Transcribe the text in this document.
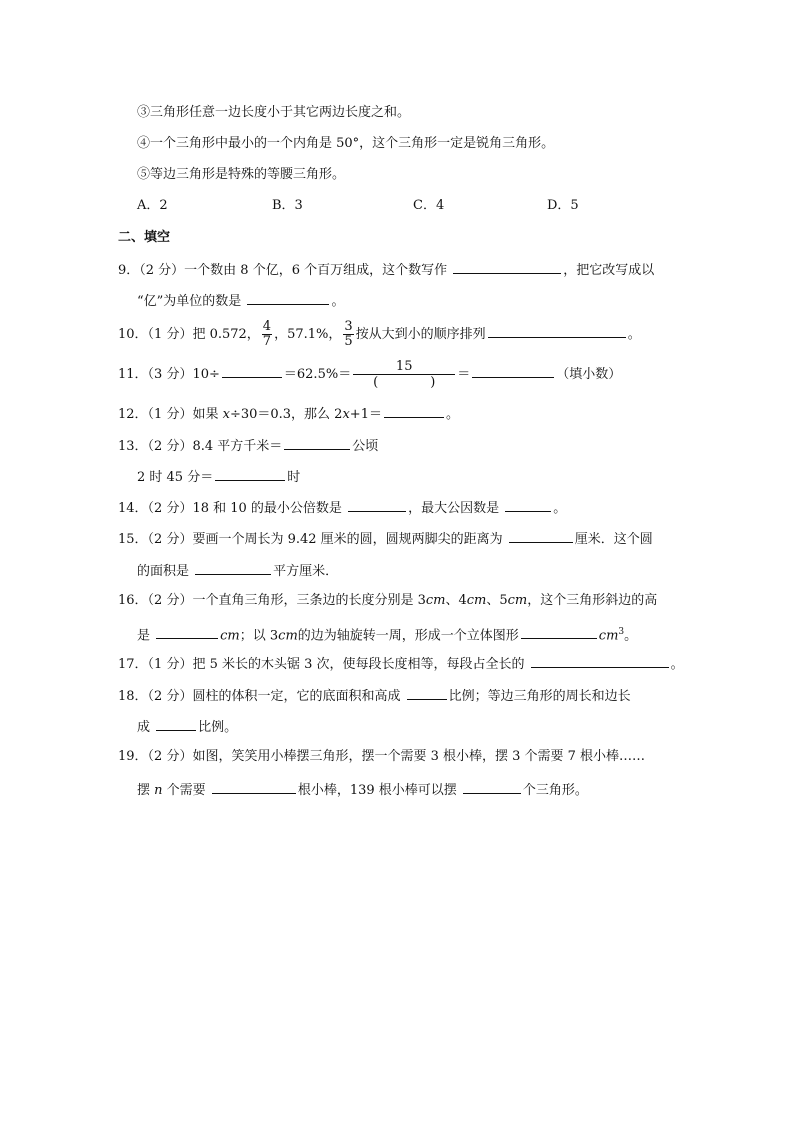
③三角形任意一边长度小于其它两边长度之和。
④一个三角形中最小的一个内角是 50°，这个三角形一定是锐角三角形。
⑤等边三角形是特殊的等腰三角形。
A．2	B．3	C．4	D．5
二、填空
9．（2 分）一个数由 8 个亿，6 个百万组成，这个数写作	，把它改写成以
“亿”为单位的数是	。
10．（1 分）把 0.572， $\frac{4}{7}$ ，57.1%， $\frac{3}{5}$ 按从大到小的顺序排列	。
11．（3 分）10÷	$=62.5\%= \frac{15}{( )}$ ＝	（填小数）
12．（1 分）如果 x÷30＝0.3，那么 2x+1＝	。
13．（2 分）8.4 平方千米＝	公顷
2 时 45 分＝	时
14．（2 分）18 和 10 的最小公倍数是	，最大公因数是	。
15．（2 分）要画一个周长为 9.42 厘米的圆，圆规两脚尖的距离为	厘米．这个圆
的面积是	平方厘米．
16．（2 分）一个直角三角形，三条边的长度分别是 3cm、4cm、5cm，这个三角形斜边的高
是	cm；以 3cm的边为轴旋转一周，形成一个立体图形	$cm^3$。
17．（1 分）把 5 米长的木头锯 3 次，使每段长度相等，每段占全长的	。
18．（2 分）圆柱的体积一定，它的底面积和高成	比例；等边三角形的周长和边长
成	比例。
19．（2 分）如图，笑笑用小棒摆三角形，摆一个需要 3 根小棒，摆 3 个需要 7 根小棒……
摆 n 个需要	根小棒，139 根小棒可以摆	个三角形。
